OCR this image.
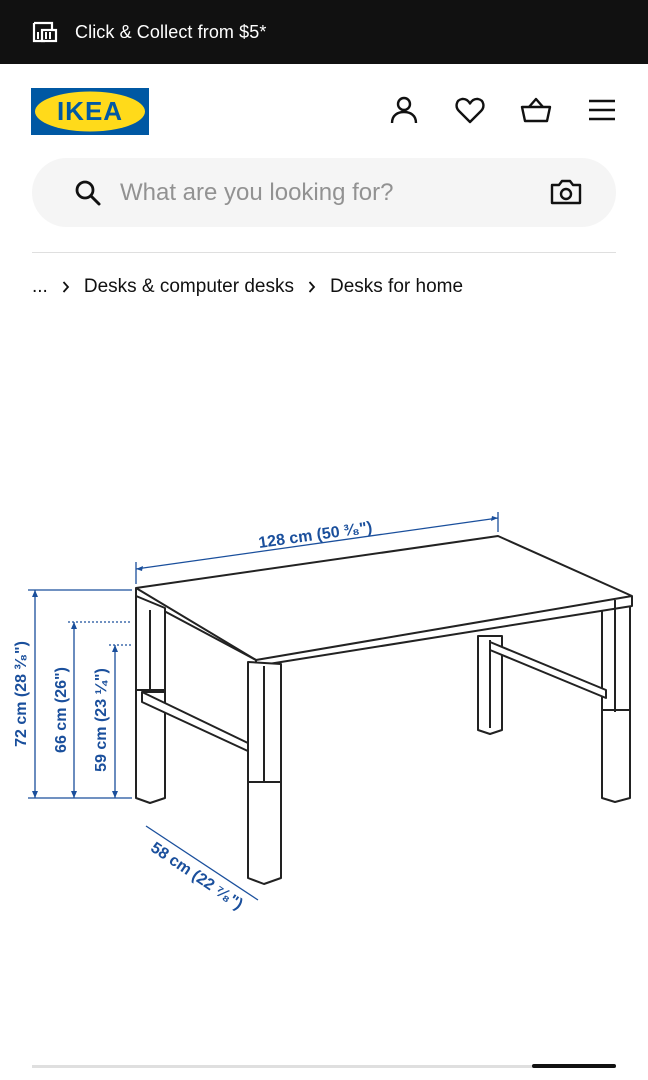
Click & Collect from $5*
IKEA
What are you looking for?
... Desks & computer desks Desks for home
128 cm (50 ³⁄₈")
72 cm (28 ³⁄₈") 66 cm (26") 59 cm (23 ¼")
58 cm (22 ⁷⁄₈")
